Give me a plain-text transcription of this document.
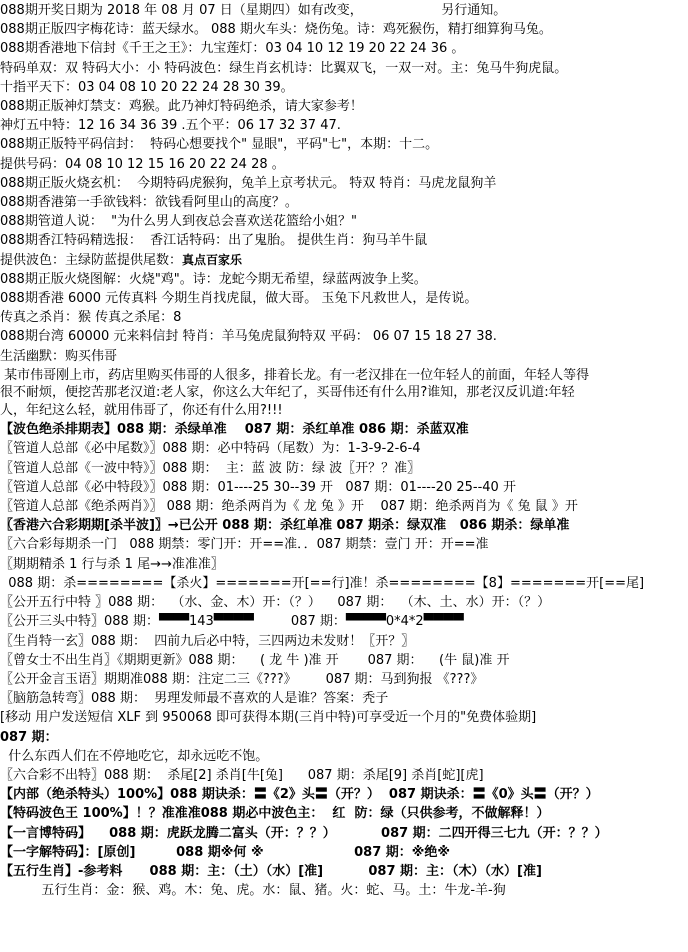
088期开奖日期为 2018 年 08 月 07 日（星期四）如有改变，                   另行通知。
088期正版四字梅花诗：蓝天绿水。 088 期火车头：烧伤兔。诗：鸡死猴伤，精打细算狗马兔。
088期香港地下信封《千王之王》：九宝莲灯：03 04 10 12 19 20 22 24 36 。
特码单双：双 特码大小：小 特码波色：绿生肖玄机诗：比翼双飞，一双一对。主：兔马牛狗虎鼠。
十指平天下：03 04 08 10 20 22 24 28 30 39。
088期正版神灯禁支：鸡猴。此乃神灯特码绝杀，请大家参考！
神灯五中特：12 16 34 36 39 .五个平：06 17 32 37 47.
088期正版特平码信封：  特码心想要找个" 显眼"，平码"七"，本期：十二。
提供号码：04 08 10 12 15 16 20 22 24 28 。
088期正版火烧玄机：  今期特码虎猴狗，兔羊上京考状元。 特双 特肖：马虎龙鼠狗羊
088期香港第一手欲钱料：欲钱看阿里山的高度？。
088期管道人说：  "为什么男人到夜总会喜欢送花篮给小姐？"
088期香江特码精选报：  香江话特码：出了鬼胎。 提供生肖：狗马羊牛鼠
提供波色：主绿防蓝提供尾数：真点百家乐
088期正版火烧图解：火烧"鸡"。诗：龙蛇今期无希望，绿蓝两波争上奖。
088期香港 6000 元传真料 今期生肖找虎鼠，做大哥。 玉兔下凡救世人，是传说。
传真之杀肖：猴 传真之杀尾：8
088期台湾 60000 元来料信封 特肖：羊马兔虎鼠狗特双 平码： 06 07 15 18 27 38.
生活幽默：购买伟哥
某市伟哥刚上市，药店里购买伟哥的人很多，排着长龙。有一老汉排在一位年轻人的前面，年轻人等得
很不耐烦，便挖苦那老汉道:老人家，你这么大年纪了，买哥伟还有什么用?谁知，那老汉反讥道:年轻
人，年纪这么轻，就用伟哥了，你还有什么用?!!!
【波色绝杀排期表】088 期：杀绿单准    087 期：杀红单准 086 期：杀蓝双准
〖管道人总部《必中尾数》〗088 期：必中特码（尾数）为：1-3-9-2-6-4
〖管道人总部《一波中特》〗088 期：  主：蓝 波 防：绿 波〖开？？准〗
〖管道人总部《必中特段》〗088 期：01----25 30--39 开   087 期：01----20 25--40 开
〖管道人总部《绝杀两肖》〗 088 期：绝杀两肖为《 龙 兔 》开    087 期：绝杀两肖为《 兔 鼠 》开
〖香港六合彩期期[杀半波]〗→已公开 088 期：杀红单准 087 期杀：绿双准   086 期杀：绿单准
〖六合彩每期杀一门   088 期禁：零门开：开==准．．087 期禁：壹门 开：开==准
〖期期精杀 1 行与杀 1 尾→→准准准〗
088 期：杀========【杀火】=======开[==行]准！杀========【8】=======开[==尾]
〖公开五行中特 〗088 期：  （水、金、木）开：（？）    087 期：  （木、土、水）开：（？）
〖公开三头中特〗088 期：▀▀▀143▀▀▀▀         087 期：▀▀▀▀0*4*2▀▀▀▀
〖生肖特一玄〗088 期：  四前九后必中特，三四两边未发财！〖开？〗
〖曾女士不出生肖〗《期期更新》088 期：    ( 龙 牛 )准 开       087 期：    (牛 鼠)准 开
〖公开金言玉语〗期期准088 期：注定二三《???》       087 期：马到狗报 《???》
〖脑筋急转弯〗088 期：  男理发师最不喜欢的人是谁？答案：秃子
[移动 用户发送短信 XLF 到 950068 即可获得本期(三肖中特)可享受近一个月的"免费体验期]
087 期：
什么东西人们在不停地吃它，却永远吃不饱。
〖六合彩不出特〗088 期：  杀尾[2] 杀肖[牛[兔]      087 期：杀尾[9] 杀肖[蛇][虎]
【内部（绝杀特头）100%】088 期诀杀：〓《2》头〓（开？）  087 期诀杀：〓《0》头〓（开？）
【特码波色王 100%】！？准准准088 期必中波色主：  红  防：绿（只供参考，不做解释！）
【一言博特码】    088 期：虎跃龙腾二富头（开：？？）          087 期：二四开得三七九（开：？？）
【一字解特码】：[原创]         088 期※何 ※                    087 期：※绝※
【五行生肖】-参考料      088 期：主：（土）（水）[准]          087 期：主：（木）（水）[准]
五行生肖：金：猴、鸡。木：兔、虎。水：鼠、猪。火：蛇、马。土：牛龙-羊-狗
